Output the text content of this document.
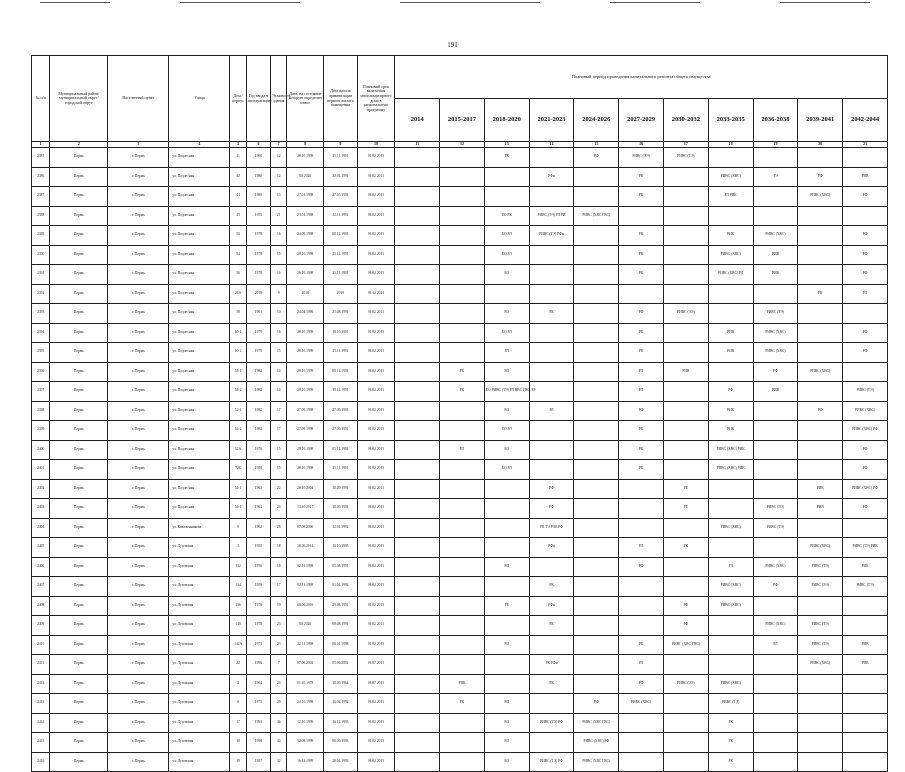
191
№ п/п	Муниципальный район/муниципальный округ/городской округ	Населенный пункт	Улица	Дом / корпус	Год ввода в эксплуатацию	Этажность здания	Дата, на состояние которую определен износ	Дата начала приватизации первого жилого помещения	Плановый срок включения многоквартирного дома в региональную программу	Плановый период проведения капитального ремонта общего имущества										
										2014	2015-2017	2018-2020	2021-2023	2024-2026	2027-2029	2030-2032	2033-2035	2036-2038	2039-2041	2042-2044
1	2	3	4	5	6	7	8	9	10	11	12	13	14	15	16	17	18	19	20	21
2385	Пермь	г. Пермь	ул. Подлесная	11	1960	12	28.10.1999	25.11.1991	01.02.2015			РК		РФ	РИВС (ЭЭ)	РИВС (ТЭ)				
2386	Пермь	г. Пермь	ул. Подлесная	42	1980	12	06.2020	22.01.1991	01.02.2015				РФн		РК		РИВС (ХВС)	ТЭ	РФ	РИВ
2387	Пермь	г. Пермь	ул. Подлесная	44	1980	13	27.01.1998	27.05.1991	01.02.2015						РК		РЛ РИК		РИВС (ХВС)	РФ
2388	Пермь	г. Пермь	ул. Подлесная	45	1955	21	23.01.1998	12.11.1991	01.02.2015			ЕО РК	РИВС (ЭЭ) РЛ РИ	РИВС (ХВС ГВС)						
2389	Пермь	г. Пермь	ул. Подлесная	50	1978	16	24.09.1998	08.12.1991	01.02.2015			ЕО РЛ	РИВС (ТЭ) РФн		РК		РИК	РИВС (ХВС)		РФ
2390	Пермь	г. Пермь	ул. Подлесная	54	1978	15	28.10.1998	25.12.1991	01.02.2015			ЕО РЛ			РК		РИВС (ХВС)	РИВ		РФ
2391	Пермь	г. Пермь	ул. Подлесная	56	1978	16	26.10.1998	21.11.1991	01.02.2015			ЕО			РК		РИВС (ХВС) РЛ	РИВ		РФ
2392	Пермь	г. Пермь	ул. Подлесная	28А	2018	9	2018	2018	01.12.2024										РК	РЛ
2393	Пермь	г. Пермь	ул. Подлесная	58	1961	10	24.04.1999	21.08.1991	01.02.2015			ЕО	РК		РФ	РИВС (ЭЭ)		РИВС (ТЭ)		
2394	Пермь	г. Пермь	ул. Подлесная	60-1	1979	16	28.10.1999	18.10.1991	01.02.2015			ЕО РЛ			РК		РИВ	РИВС (ХВС)		РФ
2395	Пермь	г. Пермь	ул. Подлесная	60-2	1979	15	28.10.1999	25.11.1991	01.02.2015			РЛ			РК		РИВ	РИВС (ХВС)		РФ
2396	Пермь	г. Пермь	ул. Подлесная	58-1	1982	14	28.10.1999	09.12.1991	01.02.2015		РК	ЕО			РЛ	РИВ		РФ	РИВС (ХВС)	
2397	Пермь	г. Пермь	ул. Подлесная	58-2	1982	14	28.10.1999	19.12.1991	01.02.2015		РК	ЕО РИВС (ТЭ) РЛ ВВС ГВС ЭЭ			РЛ		РФ	РИВ		РИВС (ТЭ)
2398	Пермь	г. Пермь	ул. Подлесная	52-1	1982	17	27.09.1998	27.09.1991	01.02.2015			ЕО	РЛ		РФ		РИК		РФ	РИВС (ХВС)
2399	Пермь	г. Пермь	ул. Подлесная	52-2	1982	17	27.09.1998	27.09.1991	01.02.2015			ЕО РЛ			РК		РИК			РИВС (ХВС) РФ
2400	Пермь	г. Пермь	ул. Подлесная	52А	1976	15	28.10.1998	05.12.1991	01.02.2015		РЛ	ЕО			РК		РИВС (ХВС) РИК			РФ
2401	Пермь	г. Пермь	ул. Подлесная	72Б	1958	15	28.10.1998	25.11.1991	01.02.2015			ЕО РЛ			РК		РИВС (ХВС) РИК			РФ
2402	Пермь	г. Пермь	ул. Подлесная	54-1	1963	22	26.10.2004	10.09.1991	01.02.2015				РФ			РЕ			РИК	РИВС (ХВС) РФ
2403	Пермь	г. Пермь	ул. Подлесная	56-1	1963	24	13.10.2017	18.09.1991	01.02.2015				РФ			РЕ		РИВС (ЭЭ)	РИВ	РФ
2404	Пермь	г. Пермь	ул. Кожевенникова	8	1962	28	07.08.2006	12.01.1992	01.02.2015				РК ТЭ РЛЕ РФ				РИВС (ХВС)	РИВС (ТЭ)		
2405	Пермь	г. Пермь	ул. Луговская	3	1955	18	18.06.2014	10.10.1995	01.02.2015				РФн		РЛ	РК			РИВС (ХВС)	РИВС (ТЭ) РИК
2406	Пермь	г. Пермь	ул. Луговская	132	1956	18	02.11.1998	05.08.1991	01.02.2015			ЕО			РФ		ГЗ	РИВС (ХВС)	РИВС (ТЭ)	РИК
2407	Пермь	г. Пермь	ул. Луговская	134	1959	17	02.11.1998	01.04.1992	01.02.2015				РК				РИВС (ХВС)	РФ	РИВС (ЭЭ)	РИВС (ТЭ)
2408	Пермь	г. Пермь	ул. Луговская	136	1976	19	08.06.2016	29.08.1991	01.02.2015			РЕ	РФн			РФ	РИВС (ХВС)			
2409	Пермь	г. Пермь	ул. Луговская	140	1978	23	06.2020	08.08.1991	01.02.2015				РК			РФ		РИВС (ХВС)	РИВС (ТЭ)	
2410	Пермь	г. Пермь	ул. Луговская	142А	1973	23	22.11.1998	06.01.1998	01.02.2015			ЕО			РК	РИВС (ХВС ГВС)		РЛ	РИВС (ТЭ)	РИВ
2411	Пермь	г. Пермь	ул. Луговская	22	1996	7	07.06.2002	05.06.2002	01.07.2015				РК РФн		РЛ				РИВС (ХВС)	РИВ
2412	Пермь	г. Пермь	ул. Луговская	2	1964	24	01.10.1978	18.09.1964	01.07.2015		РИК		РК		РФ	РИВС (ЭЭ)	РИВС (ХВС)			
2413	Пермь	г. Пермь	ул. Луговская	8	1975	29	24.10.1998	16.02.1992	01.02.2015		РК	ЕО		РФ	РИВС (ХВС)		РИВС (ТЭ)			
2414	Пермь	г. Пермь	ул. Луговская	17	1993	36	12.10.1999	16.12.1993	01.02.2015			ЕО	РИВС (ТЭ) РФ	РИВС (ХВС ГВС)			РК			
2415	Пермь	г. Пермь	ул. Луговская	18	1998	44	12.08.1999	06.09.1993	01.02.2015			ЕО		РИВС (ХВС) РФ			РК			
2416	Пермь	г. Пермь	ул. Луговская	19	1957	32	16.12.1999	28.04.1993	01.02.2015			ЕО	РИВС (ТЭ) РФ	РИВС (ХВС ГВС)			РК			
